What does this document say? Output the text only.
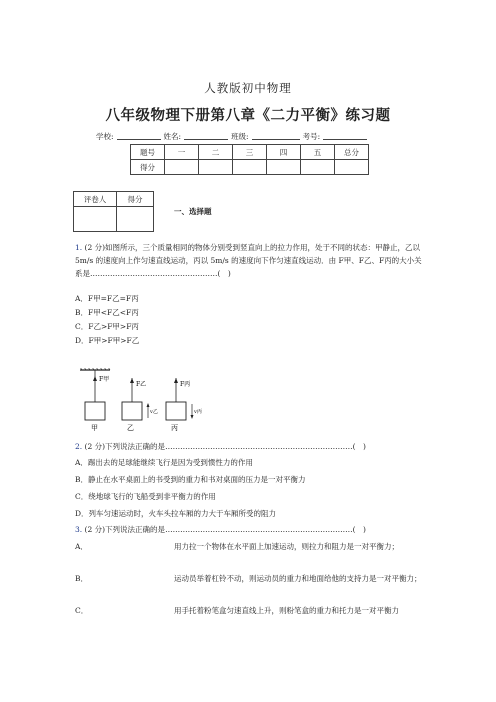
人教版初中物理
八年级物理下册第八章《二力平衡》练习题
学校:	姓名:	班级:	考号:
题号	一	二	三	四	五	总分
得分						
评卷人	得分

一、选择题
1. (2 分)如图所示，三个质量相同的物体分别受到竖直向上的拉力作用，处于不同的状态：甲静止，乙以 5m/s 的速度向上作匀速直线运动，丙以 5m/s 的速度向下作匀速直线运动．由 F甲、F乙、F丙的大小关系是……………………………………………(　)
A．F甲=F乙=F丙
B．F甲<F乙<F丙
C．F乙>F甲>F丙
D．F甲>F甲>F乙
F甲
甲
F乙
v乙
乙
F丙
v丙
丙
2. (2 分)下列说法正确的是…………………………………………………………………(　)
A．踢出去的足球能继续飞行是因为受到惯性力的作用
B．静止在水平桌面上的书受到的重力和书对桌面的压力是一对平衡力
C．绕地球飞行的飞船受到非平衡力的作用
D．列车匀速运动时，火车头拉车厢的力大于车厢所受的阻力
3. (2 分)下列说法正确的是…………………………………………………………………(　)
A．	用力拉一个物体在水平面上加速运动，则拉力和阻力是一对平衡力；
B．	运动员举着杠铃不动，则运动员的重力和地面给他的支持力是一对平衡力；
C．	用手托着粉笔盒匀速直线上升，则粉笔盒的重力和托力是一对平衡力
